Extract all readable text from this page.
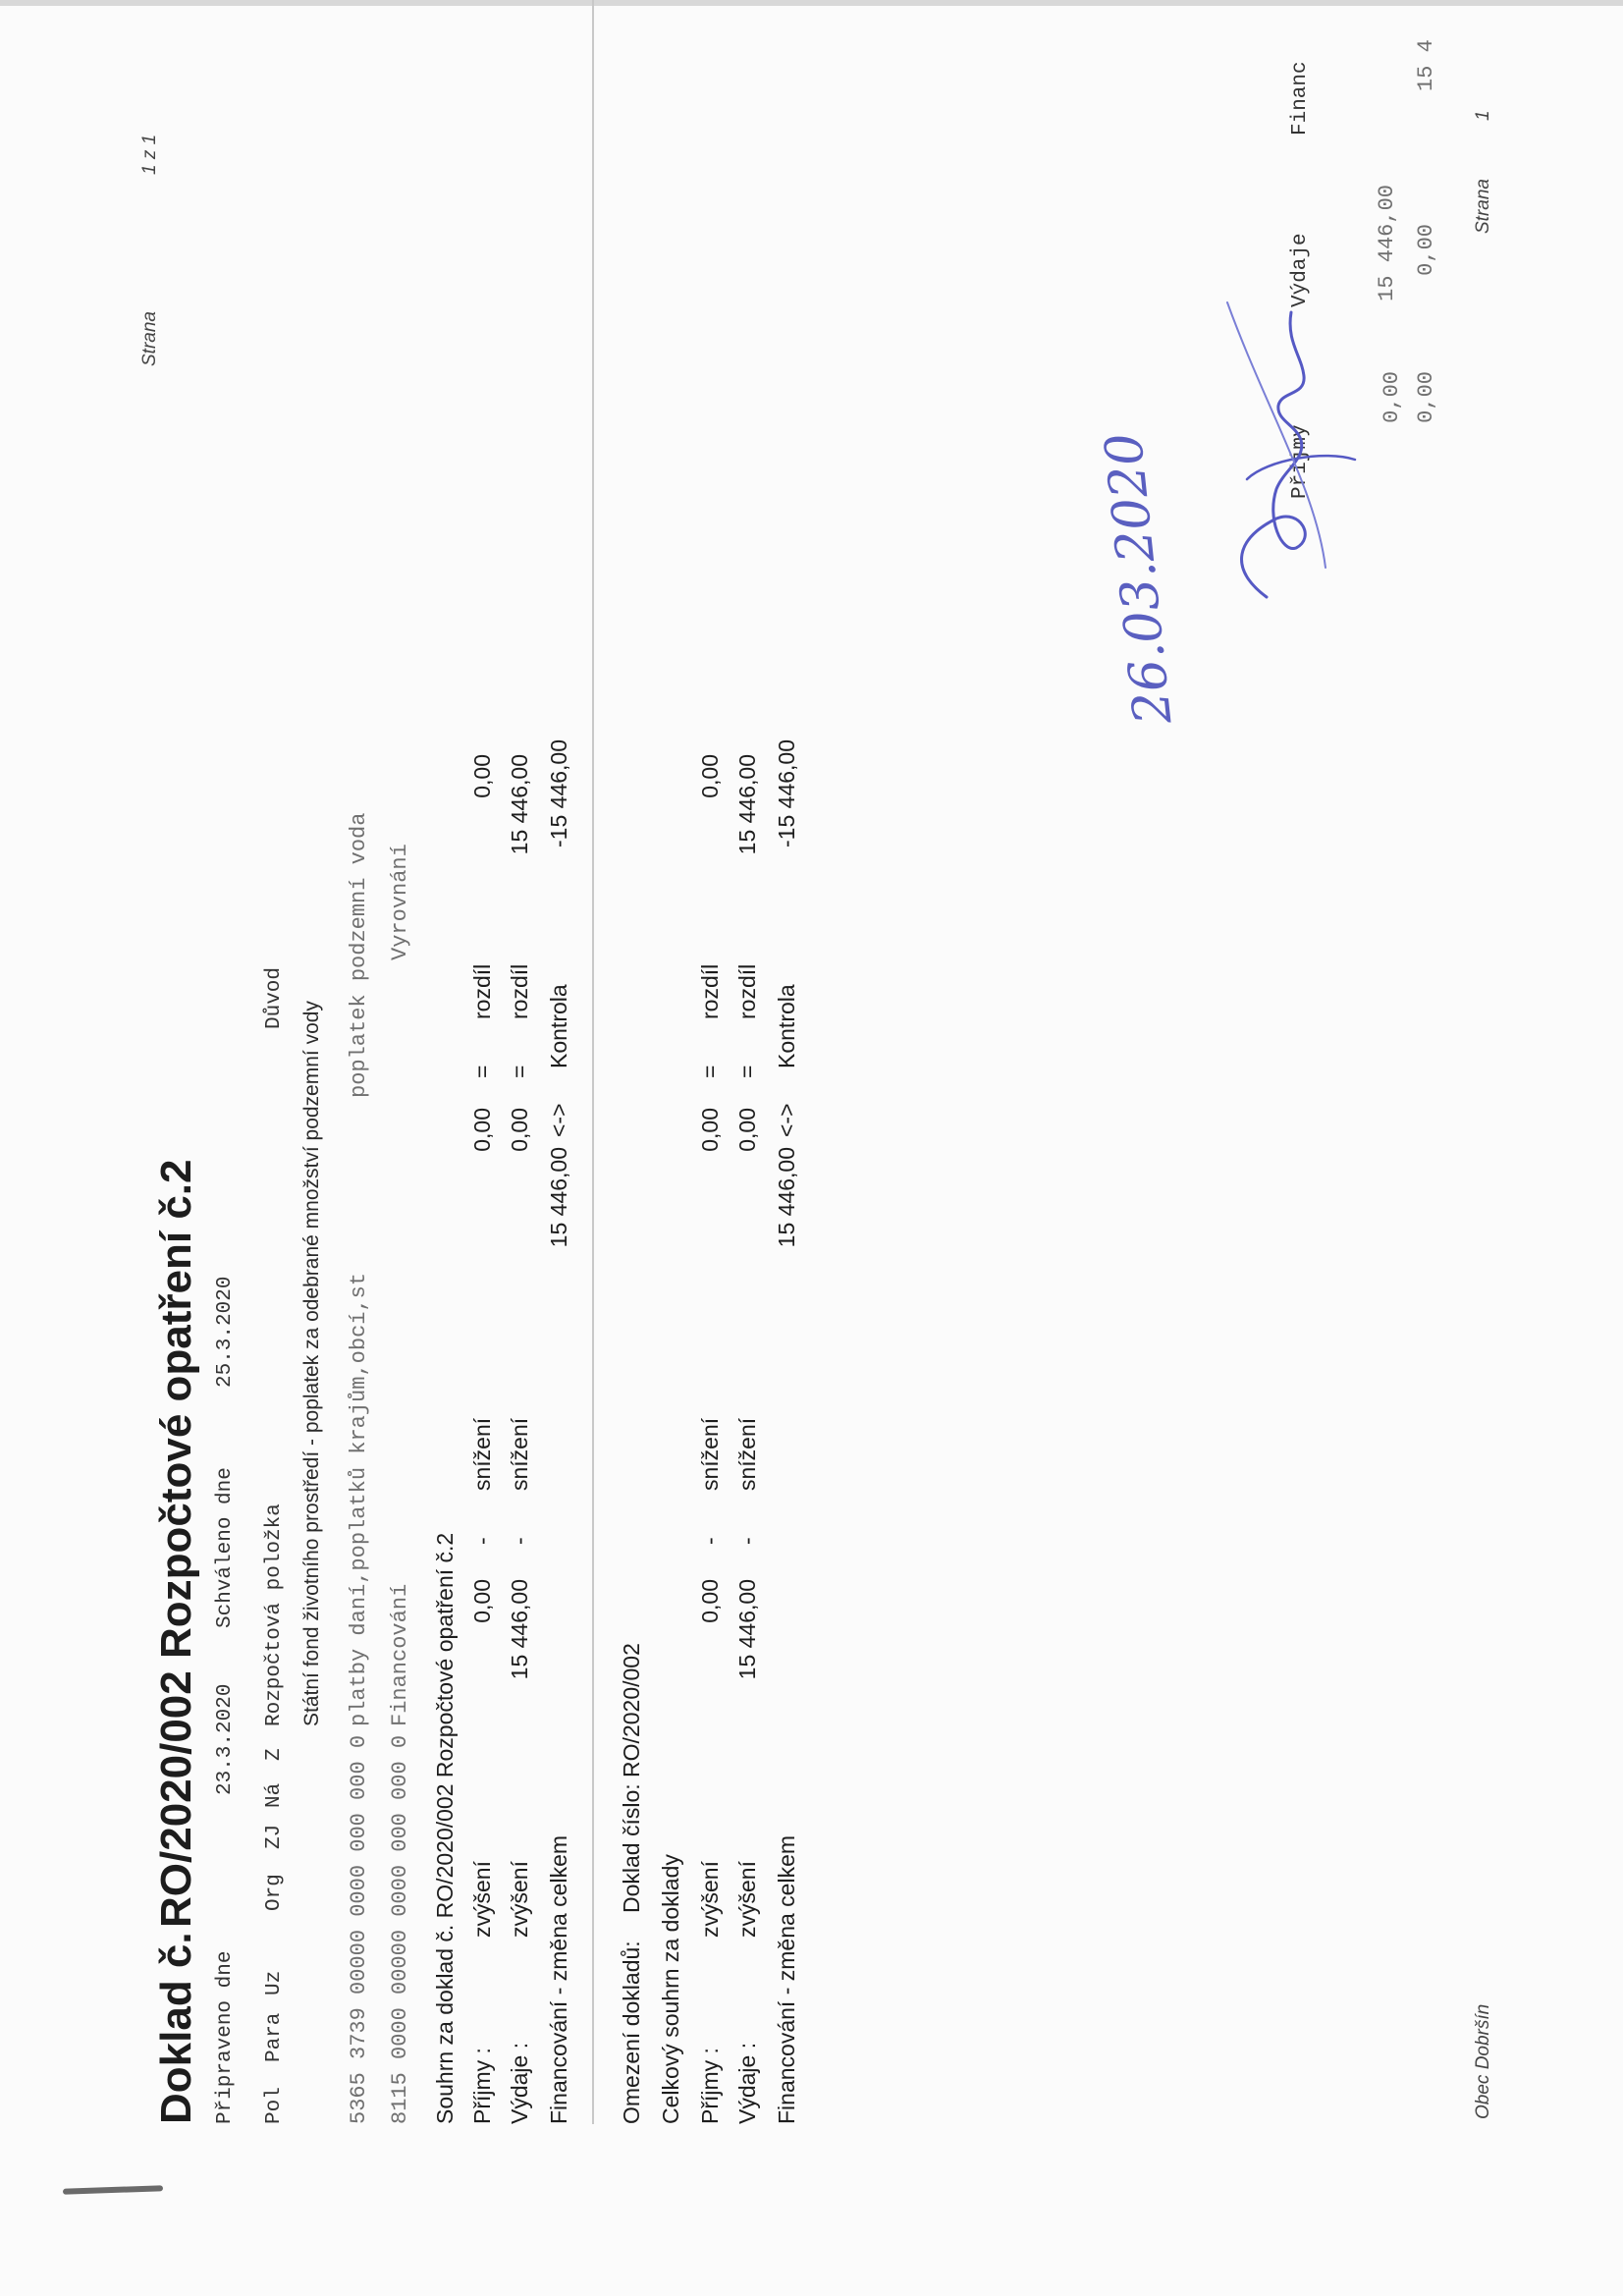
Doklad č.
RO/2020/002 Rozpočtové opatření č.2
Připraveno dne
23.3.2020
Schváleno dne
25.3.2020
Strana
1 z 1
Pol
Para
Uz
Org
ZJ
Ná
Z
Rozpočtová položka
Důvod
Příjmy
Výdaje
Financ
Státní fond životního prostředí - poplatek za odebrané množství podzemní vody
5365 3739 00000 0000 000 000 0
platby daní,poplatků krajům,obcí,st
poplatek podzemní voda
0,00
15 446,00
8115 0000 00000 0000 000 000 0
Financování
Vyrovnání
0,00
0,00
15 4
Souhrn za doklad č. RO/2020/002 Rozpočtové opatření č.2 Příjmy :
zvýšení
0,00
-
snížení
0,00
=
rozdíl
0,00
Výdaje :
zvýšení
15 446,00
-
snížení
0,00
=
rozdíl
15 446,00
Financování - změna celkem
15 446,00
<->
Kontrola
-15 446,00
Omezení dokladů:
Doklad číslo: RO/2020/002
Celkový souhrn za doklady Příjmy :
zvýšení
0,00
-
snížení
0,00
=
rozdíl
0,00
Výdaje :
zvýšení
15 446,00
-
snížení
0,00
=
rozdíl
15 446,00
Financování - změna celkem
15 446,00
<->
Kontrola
-15 446,00
Obec Dobršín
Strana
1
26.03.2020
